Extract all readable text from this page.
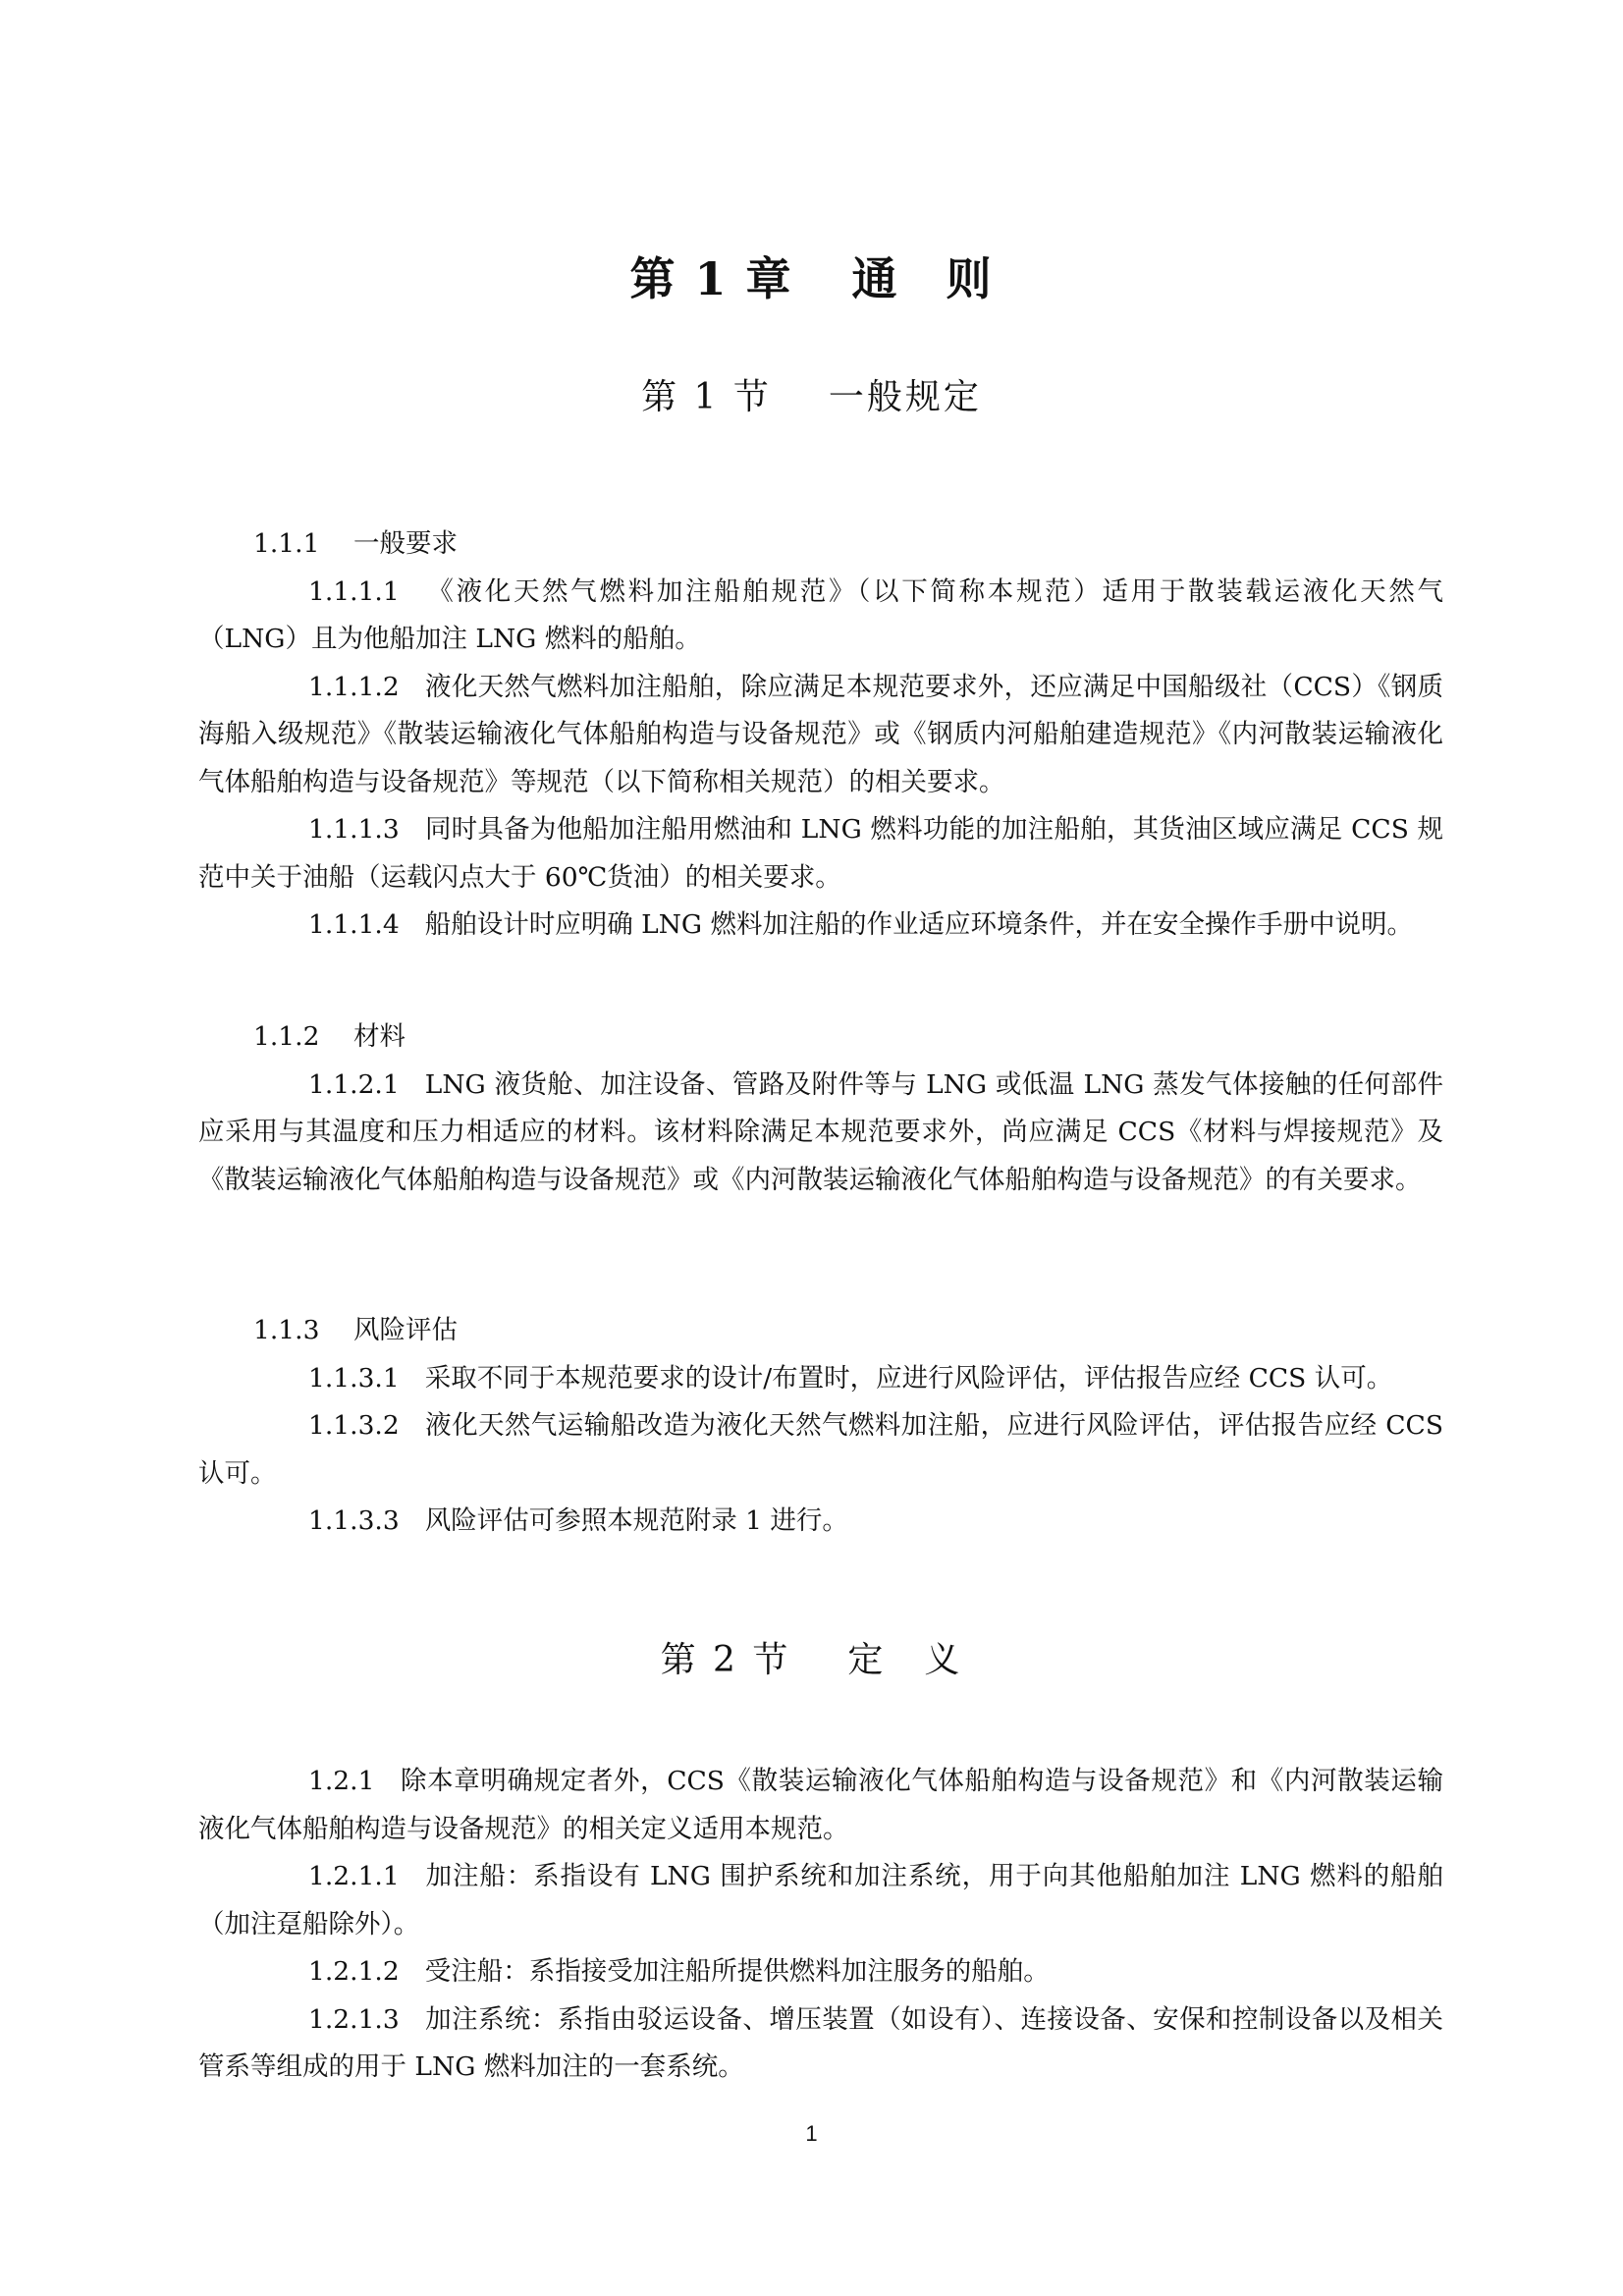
第 1 章 通　则
第 1 节 一般规定

1.1.1 一般要求

1.1.1.1 《液化天然气燃料加注船舶规范》（以下简称本规范）适用于散装载运液化天然气（LNG）且为他船加注 LNG 燃料的船舶。

1.1.1.2 液化天然气燃料加注船舶，除应满足本规范要求外，还应满足中国船级社（CCS）《钢质海船入级规范》《散装运输液化气体船舶构造与设备规范》或《钢质内河船舶建造规范》《内河散装运输液化气体船舶构造与设备规范》等规范（以下简称相关规范）的相关要求。

1.1.1.3 同时具备为他船加注船用燃油和 LNG 燃料功能的加注船舶，其货油区域应满足 CCS 规范中关于油船（运载闪点大于 60℃货油）的相关要求。

1.1.1.4 船舶设计时应明确 LNG 燃料加注船的作业适应环境条件，并在安全操作手册中说明。

1.1.2 材料

1.1.2.1 LNG 液货舱、加注设备、管路及附件等与 LNG 或低温 LNG 蒸发气体接触的任何部件应采用与其温度和压力相适应的材料。该材料除满足本规范要求外，尚应满足 CCS《材料与焊接规范》及《散装运输液化气体船舶构造与设备规范》或《内河散装运输液化气体船舶构造与设备规范》的有关要求。

1.1.3 风险评估

1.1.3.1 采取不同于本规范要求的设计/布置时，应进行风险评估，评估报告应经 CCS 认可。

1.1.3.2 液化天然气运输船改造为液化天然气燃料加注船，应进行风险评估，评估报告应经 CCS 认可。

1.1.3.3 风险评估可参照本规范附录 1 进行。

第 2 节 定　义

1.2.1 除本章明确规定者外，CCS《散装运输液化气体船舶构造与设备规范》和《内河散装运输液化气体船舶构造与设备规范》的相关定义适用本规范。

1.2.1.1 加注船：系指设有 LNG 围护系统和加注系统，用于向其他船舶加注 LNG 燃料的船舶（加注趸船除外）。

1.2.1.2 受注船：系指接受加注船所提供燃料加注服务的船舶。

1.2.1.3 加注系统：系指由驳运设备、增压装置（如设有）、连接设备、安保和控制设备以及相关管系等组成的用于 LNG 燃料加注的一套系统。

1
